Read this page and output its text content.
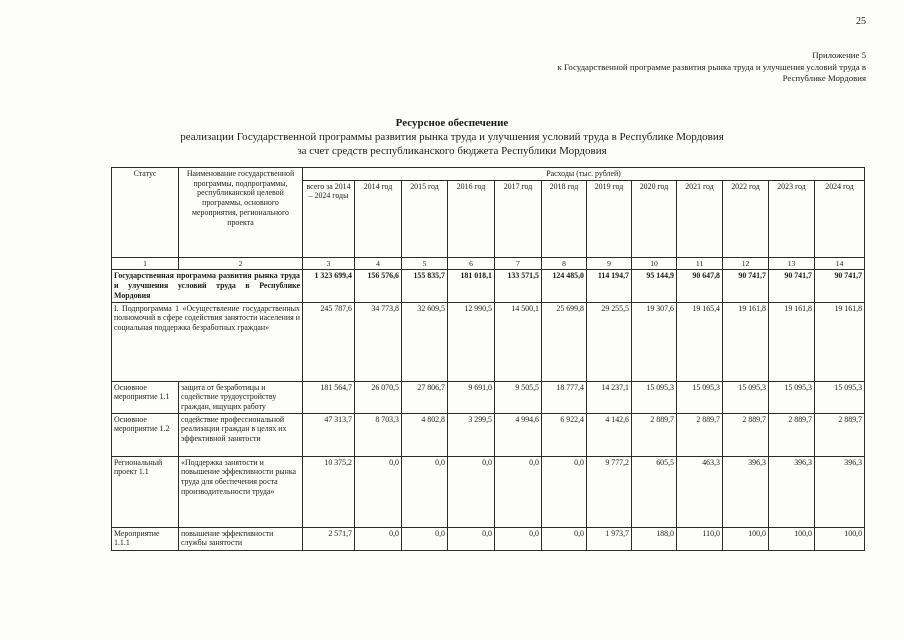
25
Приложение 5
к Государственной программе развития рынка труда и улучшения условий труда в
Республике Мордовия
Ресурсное обеспечение
реализации Государственной программы развития рынка труда и улучшения условий труда в Республике Мордовия
за счет средств республиканского бюджета Республики Мордовия
Статус	Наименование государственной программы, подпрограммы, республиканской целевой программы, основного мероприятия, регионального проекта	Расходы (тыс. рублей)											
		всего за 2014 – 2024 годы	2014 год	2015 год	2016 год	2017 год	2018 год	2019 год	2020 год	2021 год	2022 год	2023 год	2024 год
1	2	3	4	5	6	7	8	9	10	11	12	13	14
Государственная программа развития рынка труда и улучшения условий труда в Республике Мордовия		1 323 699,4	156 576,6	155 835,7	181 018,1	133 571,5	124 485,0	114 194,7	95 144,9	90 647,8	90 741,7	90 741,7	90 741,7
I. Подпрограмма 1 «Осуществление государственных полномочий в сфере содействия занятости населения и социальная поддержка безработных граждан»		245 787,6	34 773,8	32 609,5	12 990,5	14 500,1	25 699,8	29 255,5	19 307,6	19 165,4	19 161,8	19 161,8	19 161,8
Основное мероприятие 1.1	защита от безработицы и содействие трудоустройству граждан, ищущих работу	181 564,7	26 070,5	27 806,7	9 691,0	9 505,5	18 777,4	14 237,1	15 095,3	15 095,3	15 095,3	15 095,3	15 095,3
Основное мероприятие 1.2	содействие профессиональной реализации граждан в целях их эффективной занятости	47 313,7	8 703,3	4 802,8	3 299,5	4 994,6	6 922,4	4 142,6	2 889,7	2 889,7	2 889,7	2 889,7	2 889,7
Региональный проект 1.1	«Поддержка занятости и повышение эффективности рынка труда для обеспечения роста производительности труда»	10 375,2	0,0	0,0	0,0	0,0	0,0	9 777,2	605,5	463,3	396,3	396,3	396,3
Мероприятие 1.1.1	повышение эффективности службы занятости	2 571,7	0,0	0,0	0,0	0,0	0,0	1 973,7	188,0	110,0	100,0	100,0	100,0
